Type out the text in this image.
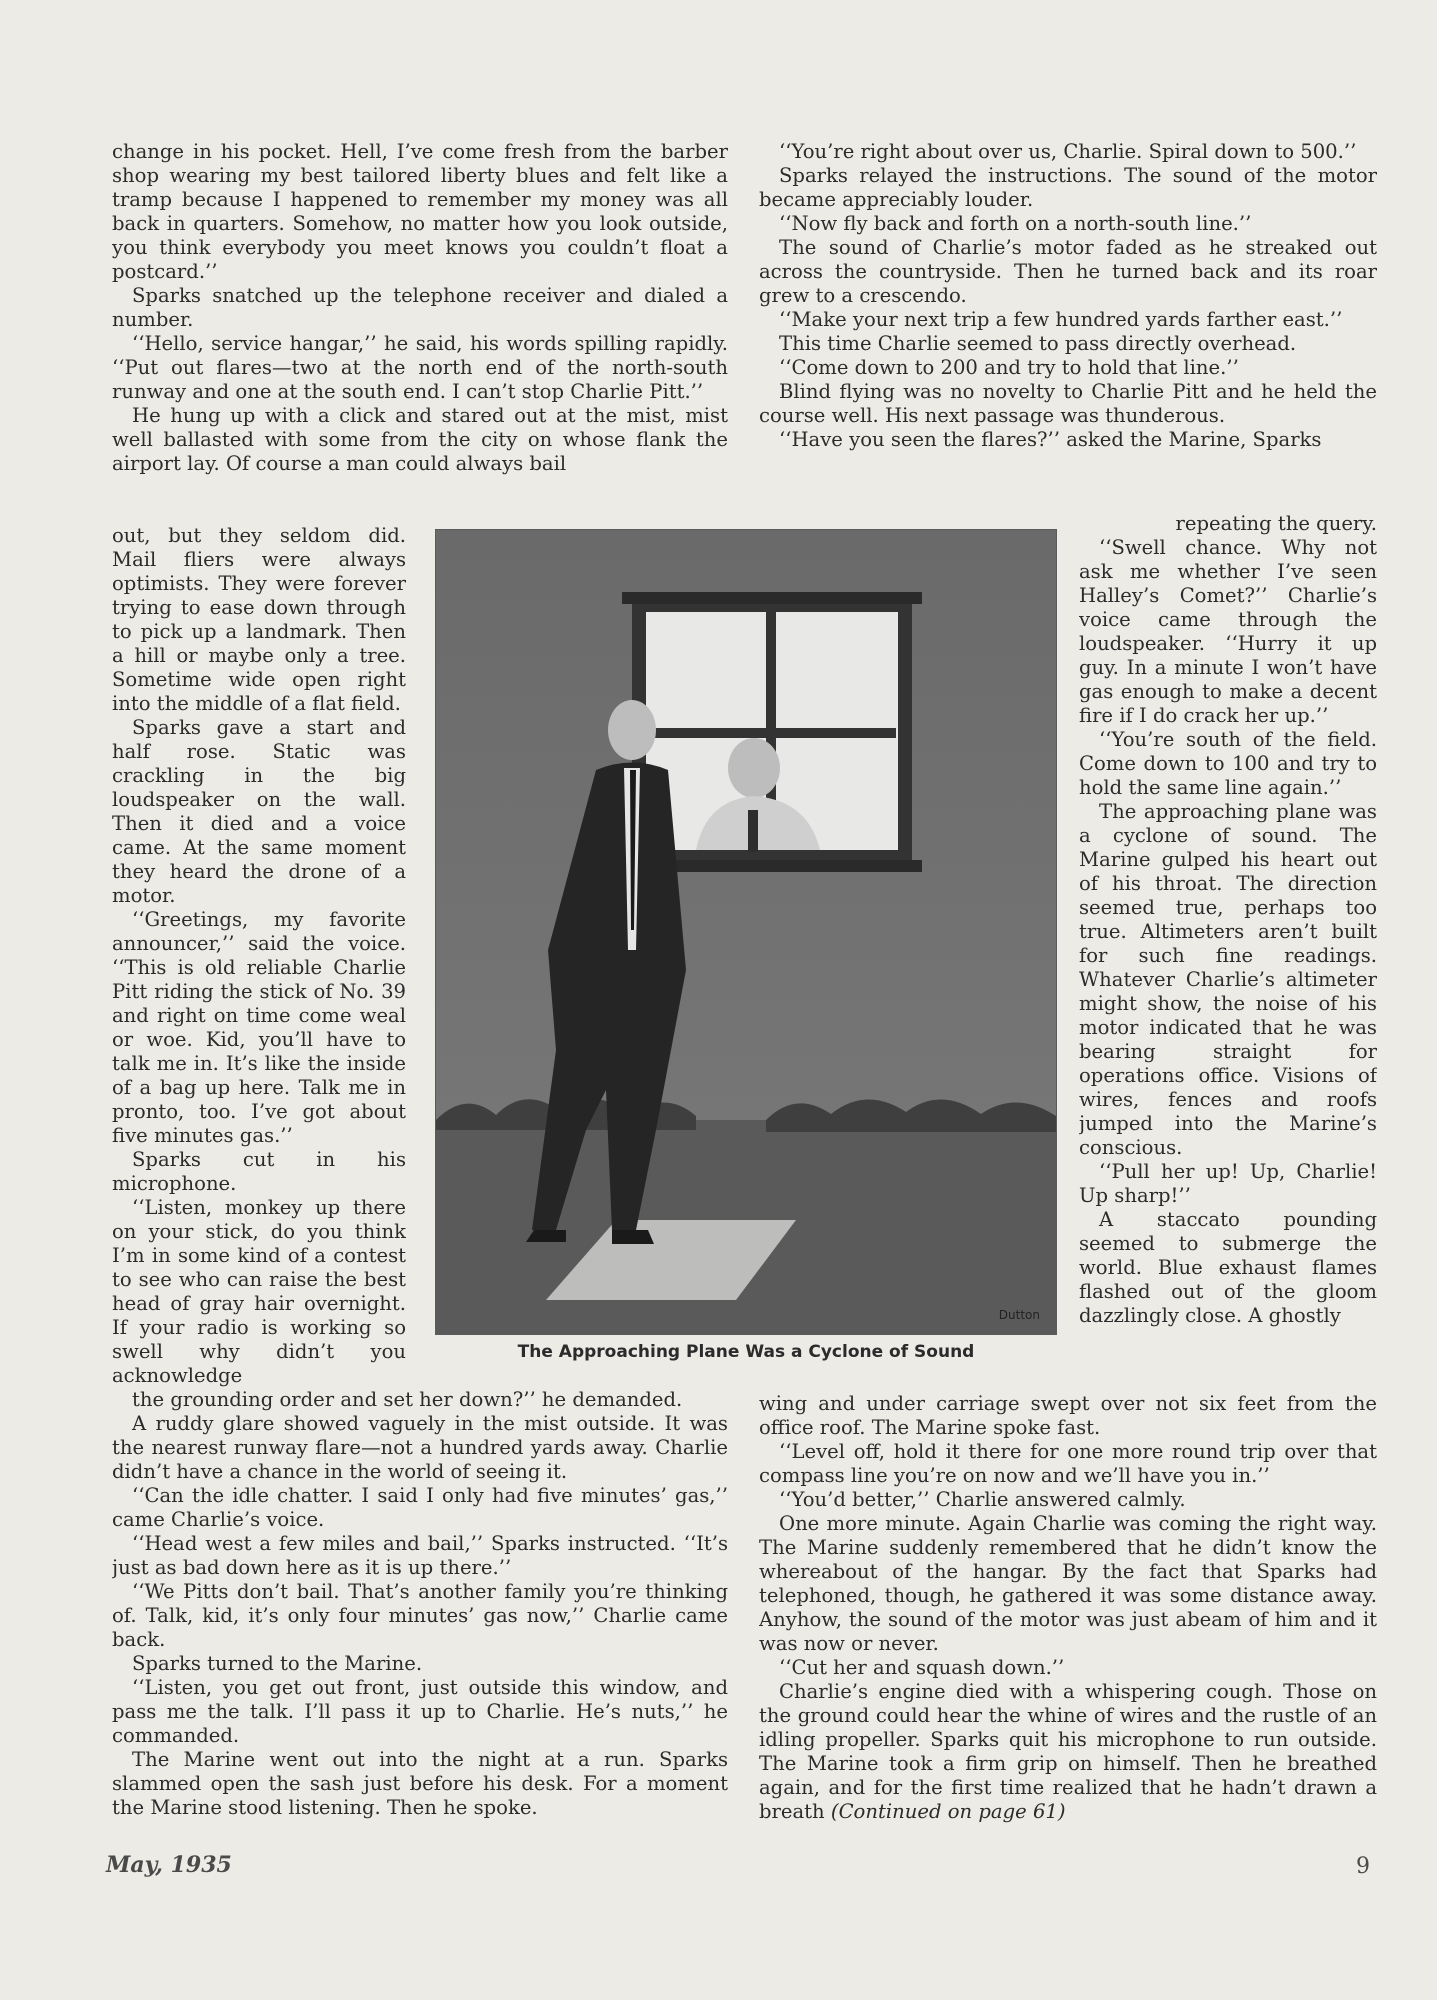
change in his pocket. Hell, I’ve come fresh from the barber shop wearing my best tailored liberty blues and felt like a tramp because I happened to remember my money was all back in quarters. Somehow, no matter how you look outside, you think everybody you meet knows you couldn’t float a postcard.’’

Sparks snatched up the telephone receiver and dialed a number.

‘‘Hello, service hangar,’’ he said, his words spilling rapidly. ‘‘Put out flares—two at the north end of the north-south runway and one at the south end. I can’t stop Charlie Pitt.’’

He hung up with a click and stared out at the mist, mist well ballasted with some from the city on whose flank the airport lay. Of course a man could always bail

out, but they seldom did. Mail fliers were always optimists. They were forever trying to ease down through to pick up a landmark. Then a hill or maybe only a tree. Sometime wide open right into the middle of a flat field.

Sparks gave a start and half rose. Static was crackling in the big loudspeaker on the wall. Then it died and a voice came. At the same moment they heard the drone of a motor.

‘‘Greetings, my favorite announcer,’’ said the voice. ‘‘This is old reliable Charlie Pitt riding the stick of No. 39 and right on time come weal or woe. Kid, you’ll have to talk me in. It’s like the inside of a bag up here. Talk me in pronto, too. I’ve got about five minutes gas.’’

Sparks cut in his microphone.

‘‘Listen, monkey up there on your stick, do you think I’m in some kind of a contest to see who can raise the best head of gray hair overnight. If your radio is working so swell why didn’t you acknowledge

the grounding order and set her down?’’ he demanded.

A ruddy glare showed vaguely in the mist outside. It was the nearest runway flare—not a hundred yards away. Charlie didn’t have a chance in the world of seeing it.

‘‘Can the idle chatter. I said I only had five minutes’ gas,’’ came Charlie’s voice.

‘‘Head west a few miles and bail,’’ Sparks instructed. ‘‘It’s just as bad down here as it is up there.’’

‘‘We Pitts don’t bail. That’s another family you’re thinking of. Talk, kid, it’s only four minutes’ gas now,’’ Charlie came back.

Sparks turned to the Marine.

‘‘Listen, you get out front, just outside this window, and pass me the talk. I’ll pass it up to Charlie. He’s nuts,’’ he commanded.

The Marine went out into the night at a run. Sparks slammed open the sash just before his desk. For a moment the Marine stood listening. Then he spoke.

‘‘You’re right about over us, Charlie. Spiral down to 500.’’

Sparks relayed the instructions. The sound of the motor became appreciably louder.

‘‘Now fly back and forth on a north-south line.’’

The sound of Charlie’s motor faded as he streaked out across the countryside. Then he turned back and its roar grew to a crescendo.

‘‘Make your next trip a few hundred yards farther east.’’

This time Charlie seemed to pass directly overhead.

‘‘Come down to 200 and try to hold that line.’’

Blind flying was no novelty to Charlie Pitt and he held the course well. His next passage was thunderous.

‘‘Have you seen the flares?’’ asked the Marine, Sparks

repeating the query.

‘‘Swell chance. Why not ask me whether I’ve seen Halley’s Comet?’’ Charlie’s voice came through the loudspeaker. ‘‘Hurry it up guy. In a minute I won’t have gas enough to make a decent fire if I do crack her up.’’

‘‘You’re south of the field. Come down to 100 and try to hold the same line again.’’

The approaching plane was a cyclone of sound. The Marine gulped his heart out of his throat. The direction seemed true, perhaps too true. Altimeters aren’t built for such fine readings. Whatever Charlie’s altimeter might show, the noise of his motor indicated that he was bearing straight for operations office. Visions of wires, fences and roofs jumped into the Marine’s conscious.

‘‘Pull her up! Up, Charlie! Up sharp!’’

A staccato pounding seemed to submerge the world. Blue exhaust flames flashed out of the gloom dazzlingly close. A ghostly

wing and under carriage swept over not six feet from the office roof. The Marine spoke fast.

‘‘Level off, hold it there for one more round trip over that compass line you’re on now and we’ll have you in.’’

‘‘You’d better,’’ Charlie answered calmly.

One more minute. Again Charlie was coming the right way. The Marine suddenly remembered that he didn’t know the whereabout of the hangar. By the fact that Sparks had telephoned, though, he gathered it was some distance away. Anyhow, the sound of the motor was just abeam of him and it was now or never.

‘‘Cut her and squash down.’’

Charlie’s engine died with a whispering cough. Those on the ground could hear the whine of wires and the rustle of an idling propeller. Sparks quit his microphone to run outside. The Marine took a firm grip on himself. Then he breathed again, and for the first time realized that he hadn’t drawn a breath (Continued on page 61)

Dutton
The Approaching Plane Was a Cyclone of Sound
May, 1935	9
